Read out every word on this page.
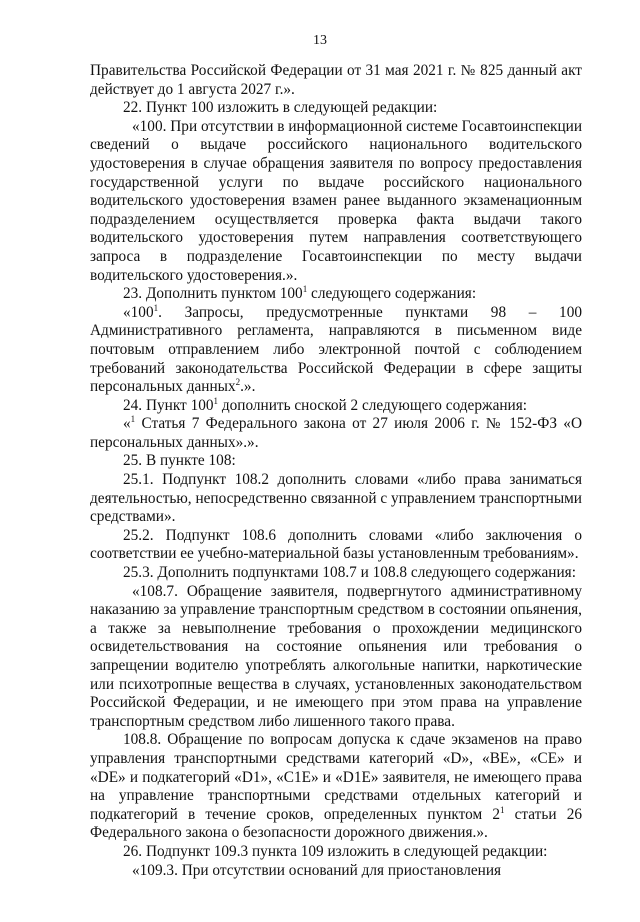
13

Правительства Российской Федерации от 31 мая 2021 г. № 825 данный акт действует до 1 августа 2027 г.».

22. Пункт 100 изложить в следующей редакции:

«100. При отсутствии в информационной системе Госавтоинспекции сведений о выдаче российского национального водительского удостоверения в случае обращения заявителя по вопросу предоставления государственной услуги по выдаче российского национального водительского удостоверения взамен ранее выданного экзаменационным подразделением осуществляется проверка факта выдачи такого водительского удостоверения путем направления соответствующего запроса в подразделение Госавтоинспекции по месту выдачи водительского удостоверения.».

23. Дополнить пунктом $100^1$ следующего содержания:

«$100^1$. Запросы, предусмотренные пунктами 98 – 100 Административного регламента, направляются в письменном виде почтовым отправлением либо электронной почтой с соблюдением требований законодательства Российской Федерации в сфере защиты персональных данных$^2$.».

24. Пункт $100^1$ дополнить сноской 2 следующего содержания:

«$^1$ Статья 7 Федерального закона от 27 июля 2006 г. № 152-ФЗ «О персональных данных».».

25. В пункте 108:

25.1. Подпункт 108.2 дополнить словами «либо права заниматься деятельностью, непосредственно связанной с управлением транспортными средствами».

25.2. Подпункт 108.6 дополнить словами «либо заключения о соответствии ее учебно-материальной базы установленным требованиям».

25.3. Дополнить подпунктами 108.7 и 108.8 следующего содержания:

«108.7. Обращение заявителя, подвергнутого административному наказанию за управление транспортным средством в состоянии опьянения, а также за невыполнение требования о прохождении медицинского освидетельствования на состояние опьянения или требования о запрещении водителю употреблять алкогольные напитки, наркотические или психотропные вещества в случаях, установленных законодательством Российской Федерации, и не имеющего при этом права на управление транспортным средством либо лишенного такого права.

108.8. Обращение по вопросам допуска к сдаче экзаменов на право управления транспортными средствами категорий «D», «BE», «CE» и «DE» и подкатегорий «D1», «C1E» и «D1E» заявителя, не имеющего права на управление транспортными средствами отдельных категорий и подкатегорий в течение сроков, определенных пунктом $2^1$ статьи 26 Федерального закона о безопасности дорожного движения.».

26. Подпункт 109.3 пункта 109 изложить в следующей редакции:

«109.3. При отсутствии оснований для приостановления
